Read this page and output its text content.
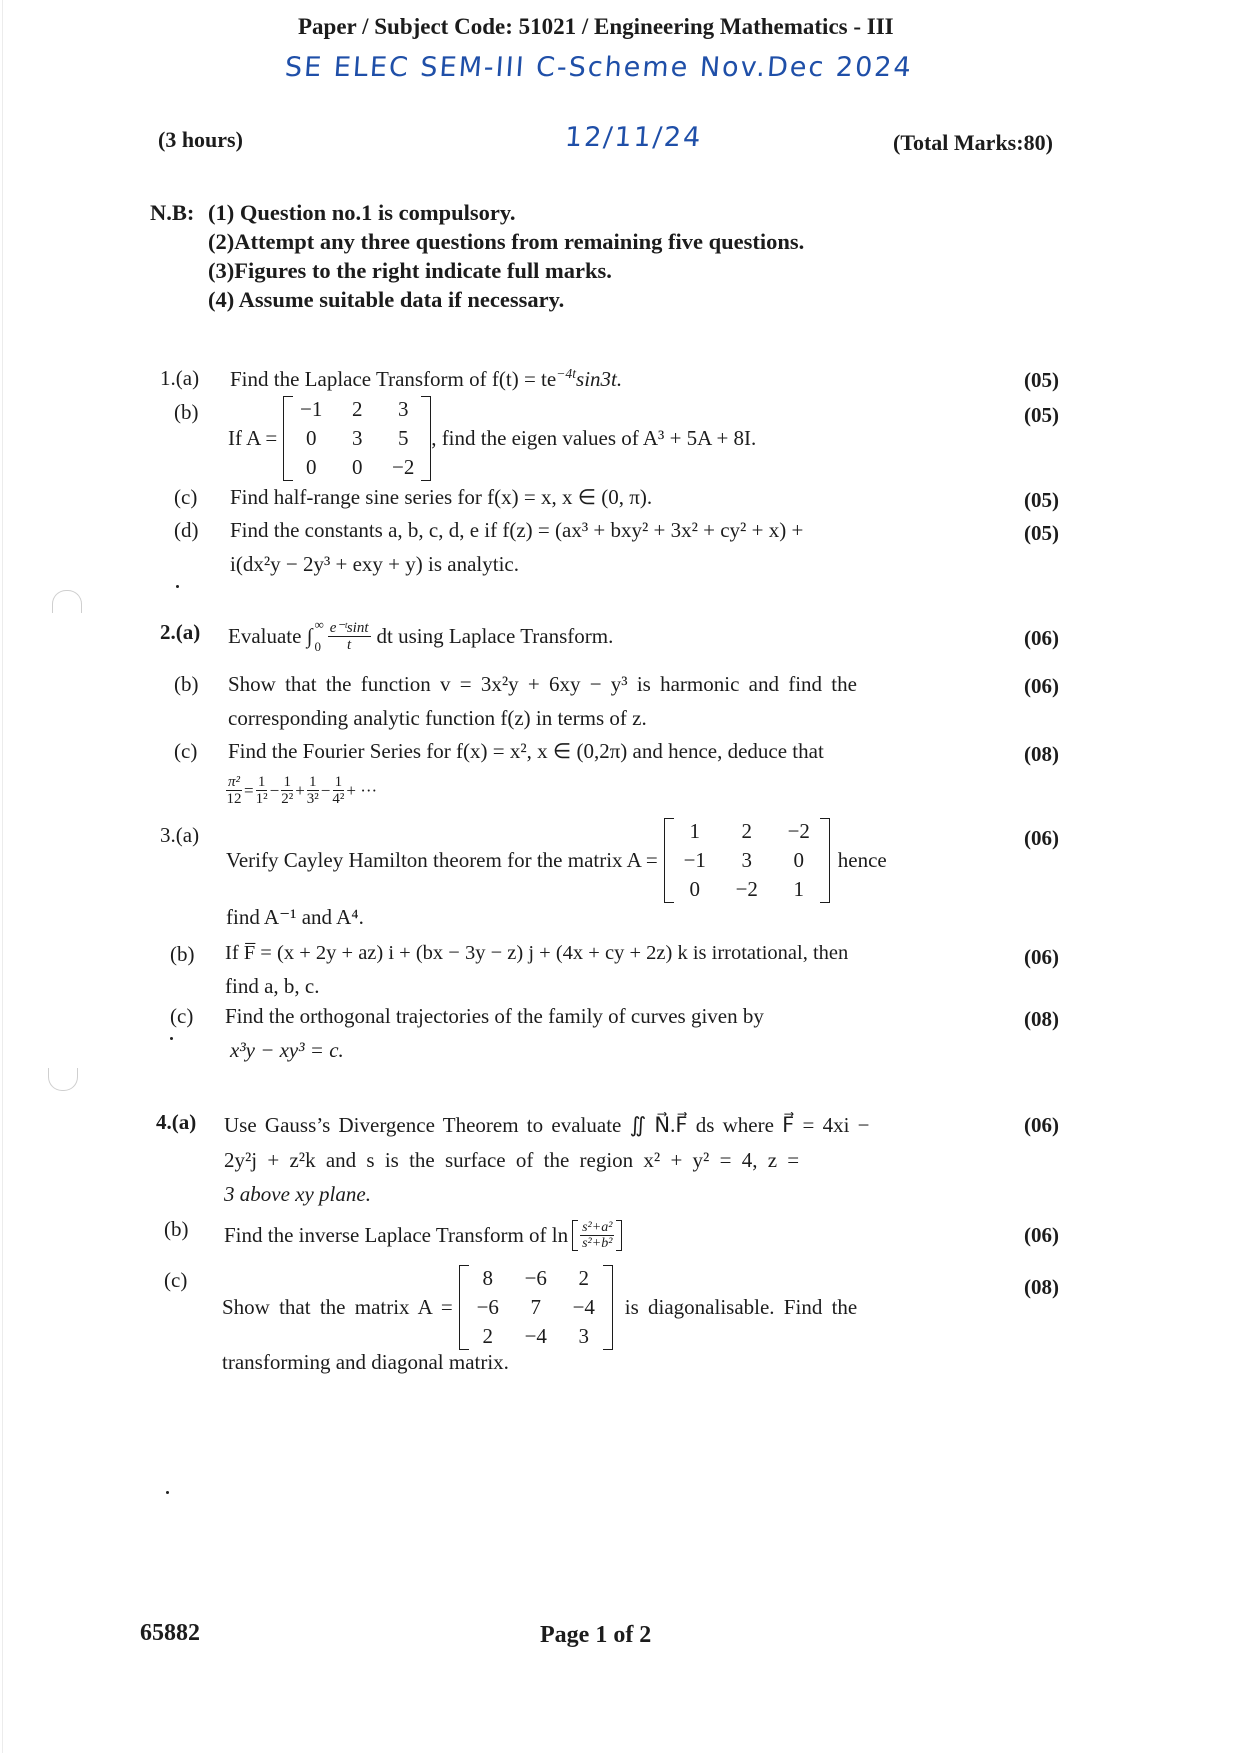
Paper / Subject Code: 51021 / Engineering Mathematics - III
SE ELEC SEM-III C-Scheme Nov.Dec 2024
12/11/24
(3 hours)	(Total Marks:80)
N.B: (1) Question no.1 is compulsory.
(2)Attempt any three questions from remaining five questions.
(3)Figures to the right indicate full marks.
(4) Assume suitable data if necessary.
1.(a) Find the Laplace Transform of $f(t) = te^{-4t}\sin 3t$.	(05)
(b)
If A =
−1	2	3
0	3	5
0	0	−2
, find the eigen values of A³ + 5A + 8I.
(05)
(c) Find half-range sine series for f(x) = x, x ∈ (0, π).	(05)
(d) Find the constants a, b, c, d, e if f(z) = (ax³ + bxy² + 3x² + cy² + x) +
i(dx²y − 2y³ + exy + y) is analytic.
(05)
2.(a) Evaluate ∫ ∞
$0 \frac{\text{e⁻ᵗsint}}{t}$ dt using Laplace Transform.	(06)
(b) Show that the function v = 3x²y + 6xy − y³ is harmonic and find the
corresponding analytic function f(z) in terms of z.
(06)
(c) Find the Fourier Series for f(x) = x², x ∈ (0,2π) and hence, deduce that	(08)
$\frac{\text{π²}}{12} = \frac{1}{\text{1²}} - \frac{1}{\text{2²}} + \frac{1}{\text{3²}} - \frac{1}{\text{4²}}$ + ···
3.(a)
Verify Cayley Hamilton theorem for the matrix A =
1	2	−2
−1	3	0
0	−2	1
hence
(06)
find A⁻¹ and A⁴.
(b) If F̅ = (x + 2y + az) i + (bx − 3y − z) j + (4x + cy + 2z) k is irrotational, then
find a, b, c.
(06)
(c) Find the orthogonal trajectories of the family of curves given by
x³y − xy³ = c.
(08)
4.(a) Use Gauss’s Divergence Theorem to evaluate ∬ N⃗.F⃗ ds where F⃗ = 4xi −
2y²j + z²k and s is the surface of the region x² + y² = 4, z =
3 above xy plane.
(06)
(b) Find the inverse Laplace Transform of $\ln \frac{\text{s²+a²}}{\text{s²+b²}}$	(06)
(c)
Show that the matrix A =
8	−6	2
−6	7	−4
2	−4	3
is diagonalisable. Find the
(08)
transforming and diagonal matrix.
65882	Page 1 of 2
